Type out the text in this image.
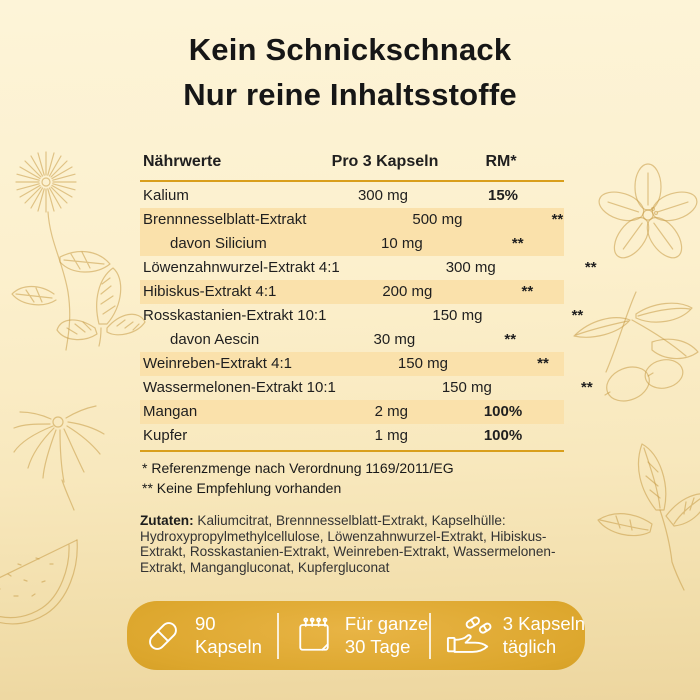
Kein Schnickschnack
Nur reine Inhaltsstoffe
Nährwerte	Pro 3 Kapseln	RM*
Kalium	300 mg	15%
Brennnesselblatt-Extrakt	500 mg	**
davon Silicium	10 mg	**
Löwenzahnwurzel-Extrakt 4:1	300 mg	**
Hibiskus-Extrakt 4:1	200 mg	**
Rosskastanien-Extrakt 10:1	150 mg	**
davon Aescin	30 mg	**
Weinreben-Extrakt 4:1	150 mg	**
Wassermelonen-Extrakt 10:1	150 mg	**
Mangan	2 mg	100%
Kupfer	1 mg	100%
* Referenzmenge nach Verordnung 1169/2011/EG
** Keine Empfehlung vorhanden
Zutaten: Kaliumcitrat, Brennnesselblatt-Extrakt, Kapselhülle: Hydroxypropylmethylcellulose, Löwenzahnwurzel-Extrakt, Hibiskus-Extrakt, Rosskastanien-Extrakt, Weinreben-Extrakt, Wassermelonen-Extrakt, Mangangluconat, Kupfergluconat
90
Kapseln
Für ganze
30 Tage
3 Kapseln
täglich
